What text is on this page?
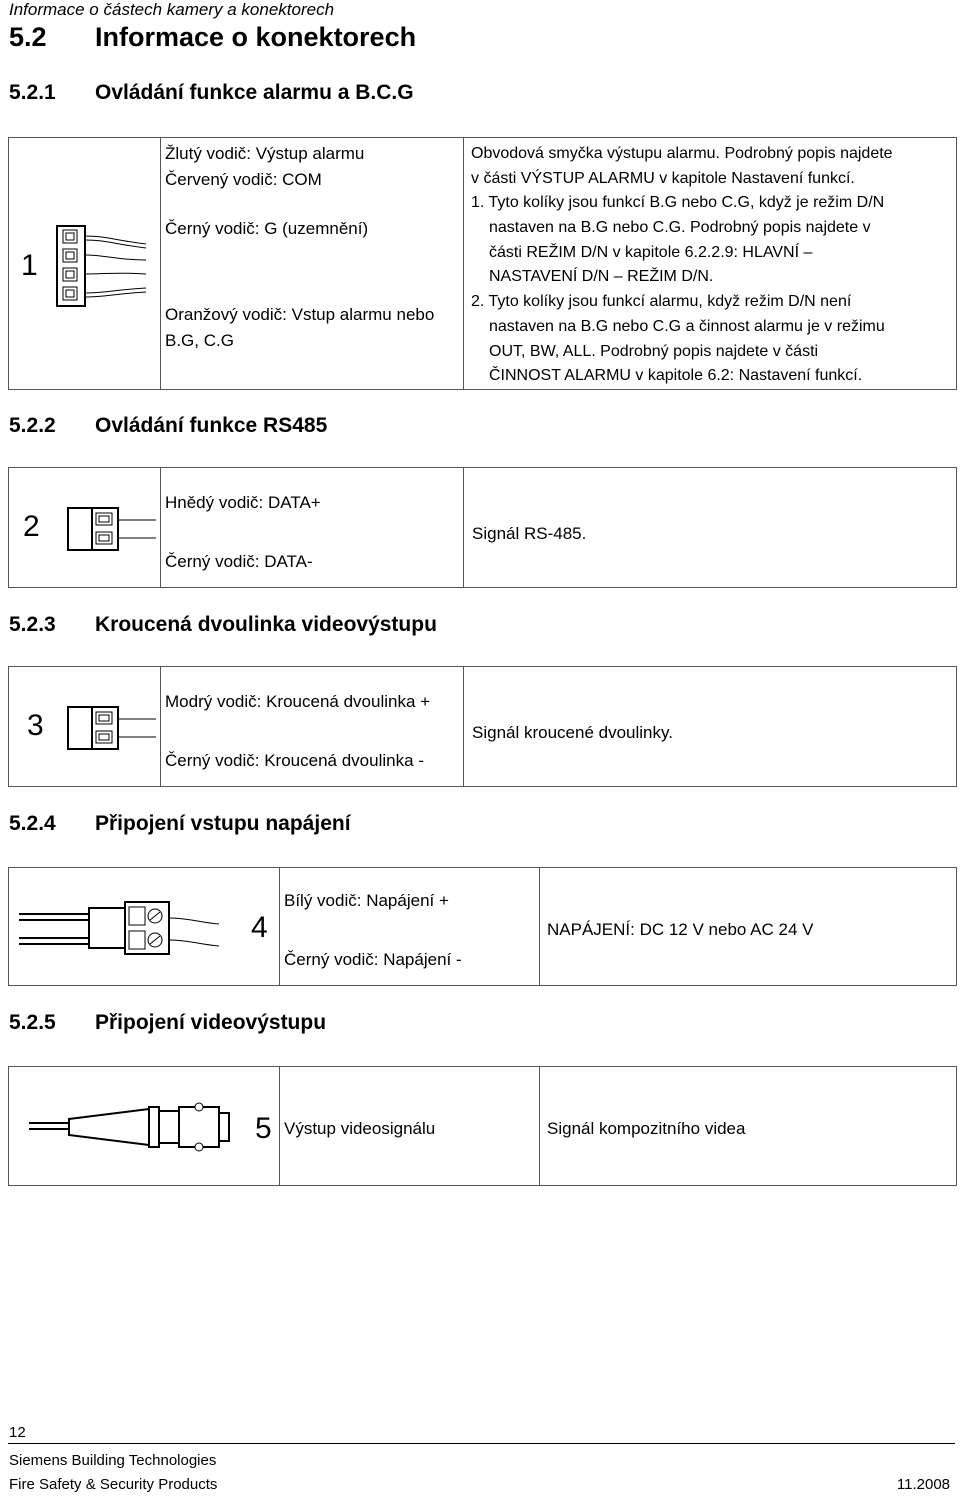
Informace o částech kamery a konektorech
5.2 Informace o konektorech
5.2.1 Ovládání funkce alarmu a B.C.G
1
Žlutý vodič: Výstup alarmu
Červený vodič: COM
Černý vodič: G (uzemnění)
Oranžový vodič: Vstup alarmu nebo
B.G, C.G
Obvodová smyčka výstupu alarmu. Podrobný popis najdete
v části VÝSTUP ALARMU v kapitole Nastavení funkcí.
1. Tyto kolíky jsou funkcí B.G nebo C.G, když je režim D/N
nastaven na B.G nebo C.G. Podrobný popis najdete v
části REŽIM D/N v kapitole 6.2.2.9: HLAVNÍ –
NASTAVENÍ D/N – REŽIM D/N.
2. Tyto kolíky jsou funkcí alarmu, když režim D/N není
nastaven na B.G nebo C.G a činnost alarmu je v režimu
OUT, BW, ALL. Podrobný popis najdete v části
ČINNOST ALARMU v kapitole 6.2: Nastavení funkcí.
5.2.2 Ovládání funkce RS485
2
Hnědý vodič: DATA+
Černý vodič: DATA-
Signál RS-485.
5.2.3 Kroucená dvoulinka videovýstupu
3
Modrý vodič: Kroucená dvoulinka +
Černý vodič: Kroucená dvoulinka -
Signál kroucené dvoulinky.
5.2.4 Připojení vstupu napájení
4
Bílý vodič: Napájení +
Černý vodič: Napájení -
NAPÁJENÍ: DC 12 V nebo AC 24 V
5.2.5 Připojení videovýstupu
5 Výstup videosignálu	Signál kompozitního videa
12
Siemens Building Technologies
Fire Safety & Security Products	11.2008
